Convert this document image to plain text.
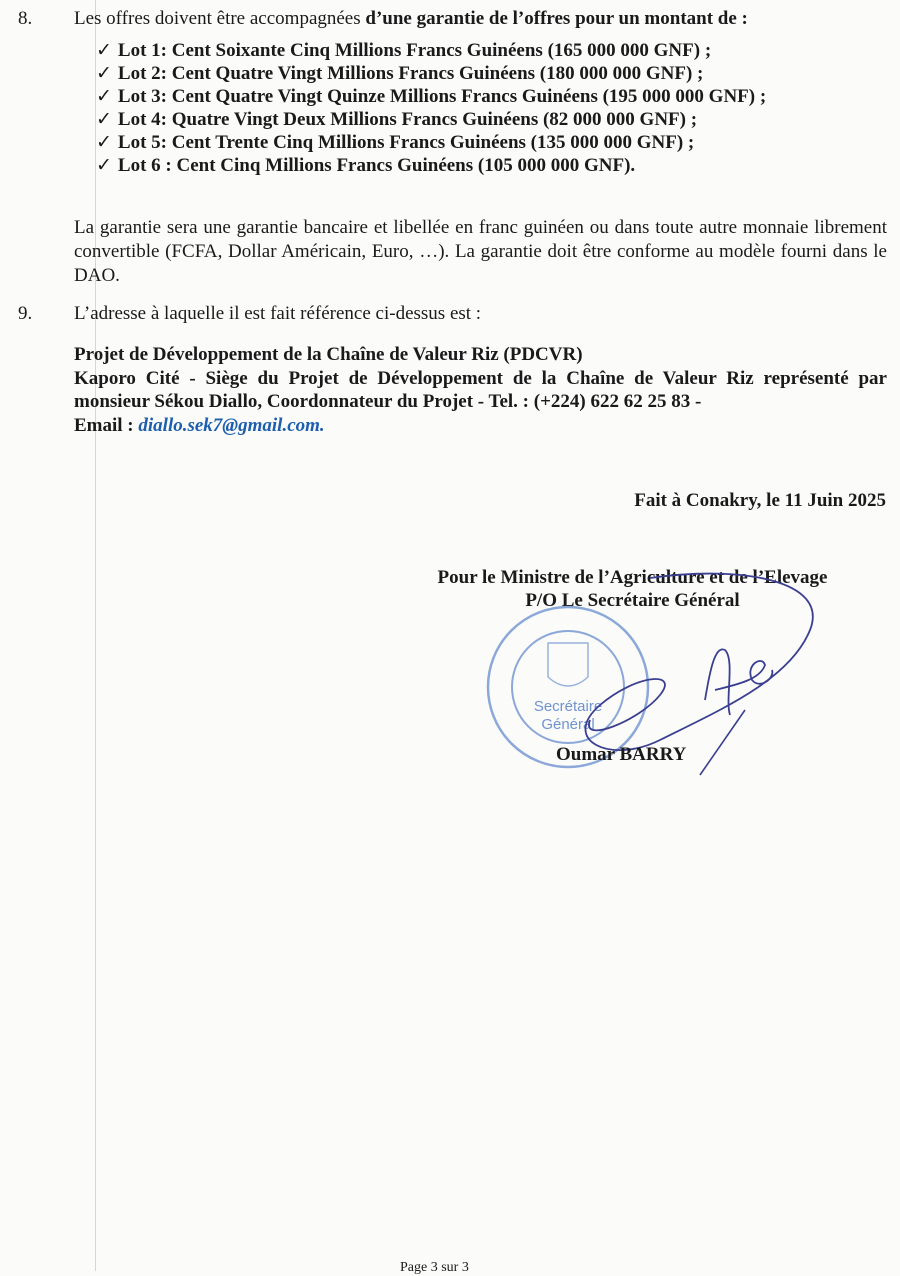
8. Les offres doivent être accompagnées d’une garantie de l’offres pour un montant de :
✓ Lot 1: Cent Soixante Cinq Millions Francs Guinéens (165 000 000 GNF) ;
✓ Lot 2: Cent Quatre Vingt Millions Francs Guinéens (180 000 000 GNF) ;
✓ Lot 3: Cent Quatre Vingt Quinze Millions Francs Guinéens (195 000 000 GNF) ;
✓ Lot 4: Quatre Vingt Deux Millions Francs Guinéens (82 000 000 GNF) ;
✓ Lot 5: Cent Trente Cinq Millions Francs Guinéens (135 000 000 GNF) ;
✓ Lot 6 : Cent Cinq Millions Francs Guinéens (105 000 000 GNF).
La garantie sera une garantie bancaire et libellée en franc guinéen ou dans toute autre monnaie librement convertible (FCFA, Dollar Américain, Euro, …). La garantie doit être conforme au modèle fourni dans le DAO.
9. L’adresse à laquelle il est fait référence ci-dessus est :
Projet de Développement de la Chaîne de Valeur Riz (PDCVR)
Kaporo Cité - Siège du Projet de Développement de la Chaîne de Valeur Riz représenté par monsieur Sékou Diallo, Coordonnateur du Projet - Tel. : (+224) 622 62 25 83 -
Email : diallo.sek7@gmail.com.
Fait à Conakry, le 11 Juin 2025
Pour le Ministre de l’Agriculture et de l’Elevage
P/O Le Secrétaire Général
Secrétaire
Général
Oumar BARRY
Page 3 sur 3
